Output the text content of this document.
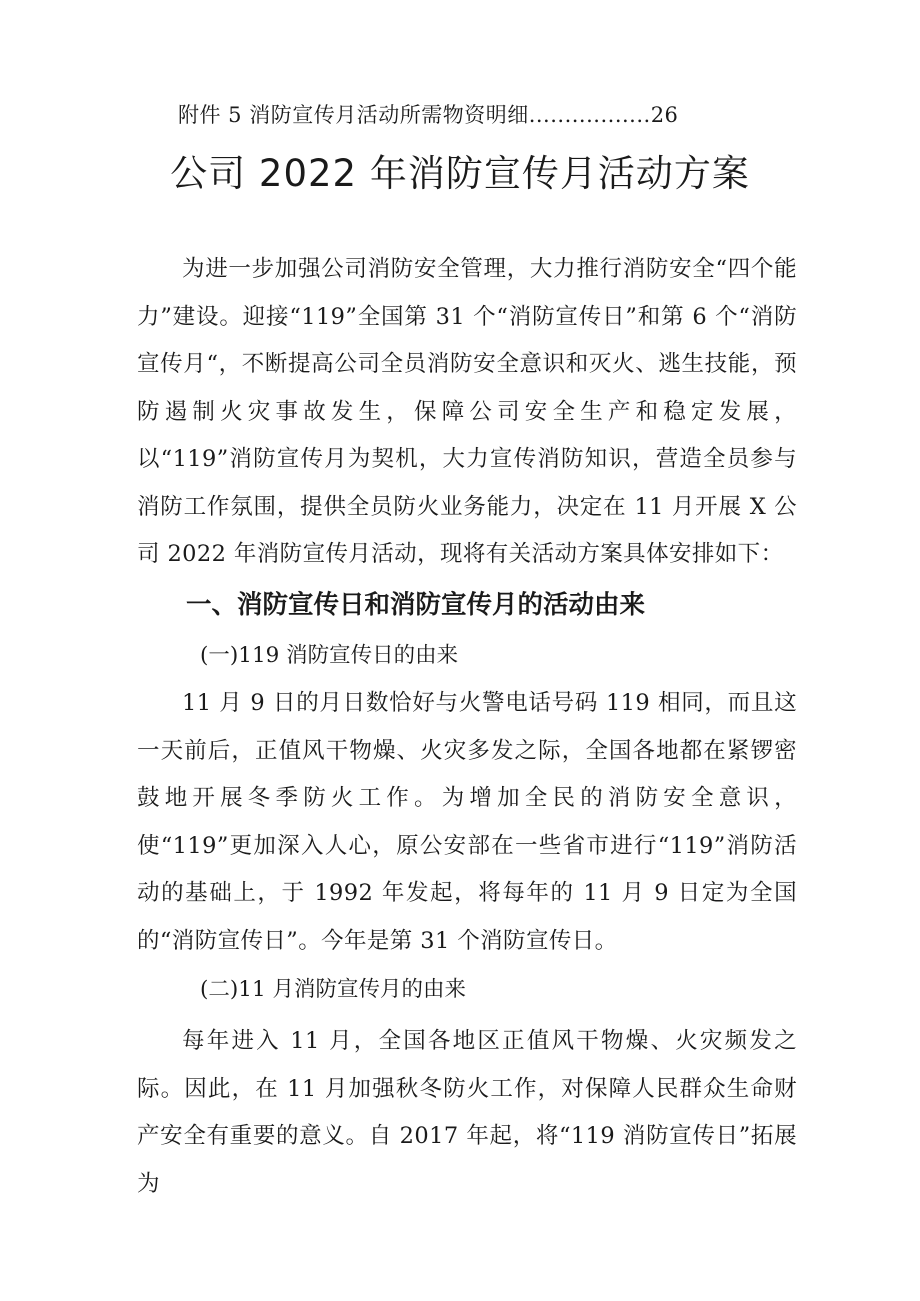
附件 5 消防宣传月活动所需物资明细.................26
公司 2022 年消防宣传月活动方案

为进一步加强公司消防安全管理，大力推行消防安全“四个能力”建设。迎接“119”全国第 31 个“消防宣传日”和第 6 个“消防宣传月“，不断提高公司全员消防安全意识和灭火、逃生技能，预防遏制火灾事故发生，保障公司安全生产和稳定发展，以“119”消防宣传月为契机，大力宣传消防知识，营造全员参与消防工作氛围，提供全员防火业务能力，决定在 11 月开展 X 公司 2022 年消防宣传月活动，现将有关活动方案具体安排如下：

一、消防宣传日和消防宣传月的活动由来
(一)119 消防宣传日的由来

11 月 9 日的月日数恰好与火警电话号码 119 相同，而且这一天前后，正值风干物燥、火灾多发之际，全国各地都在紧锣密鼓地开展冬季防火工作。为增加全民的消防安全意识，使“119”更加深入人心，原公安部在一些省市进行“119”消防活动的基础上，于 1992 年发起，将每年的 11 月 9 日定为全国的“消防宣传日”。今年是第 31 个消防宣传日。

(二)11 月消防宣传月的由来

每年进入 11 月，全国各地区正值风干物燥、火灾频发之际。因此，在 11 月加强秋冬防火工作，对保障人民群众生命财产安全有重要的意义。自 2017 年起，将“119 消防宣传日”拓展为
